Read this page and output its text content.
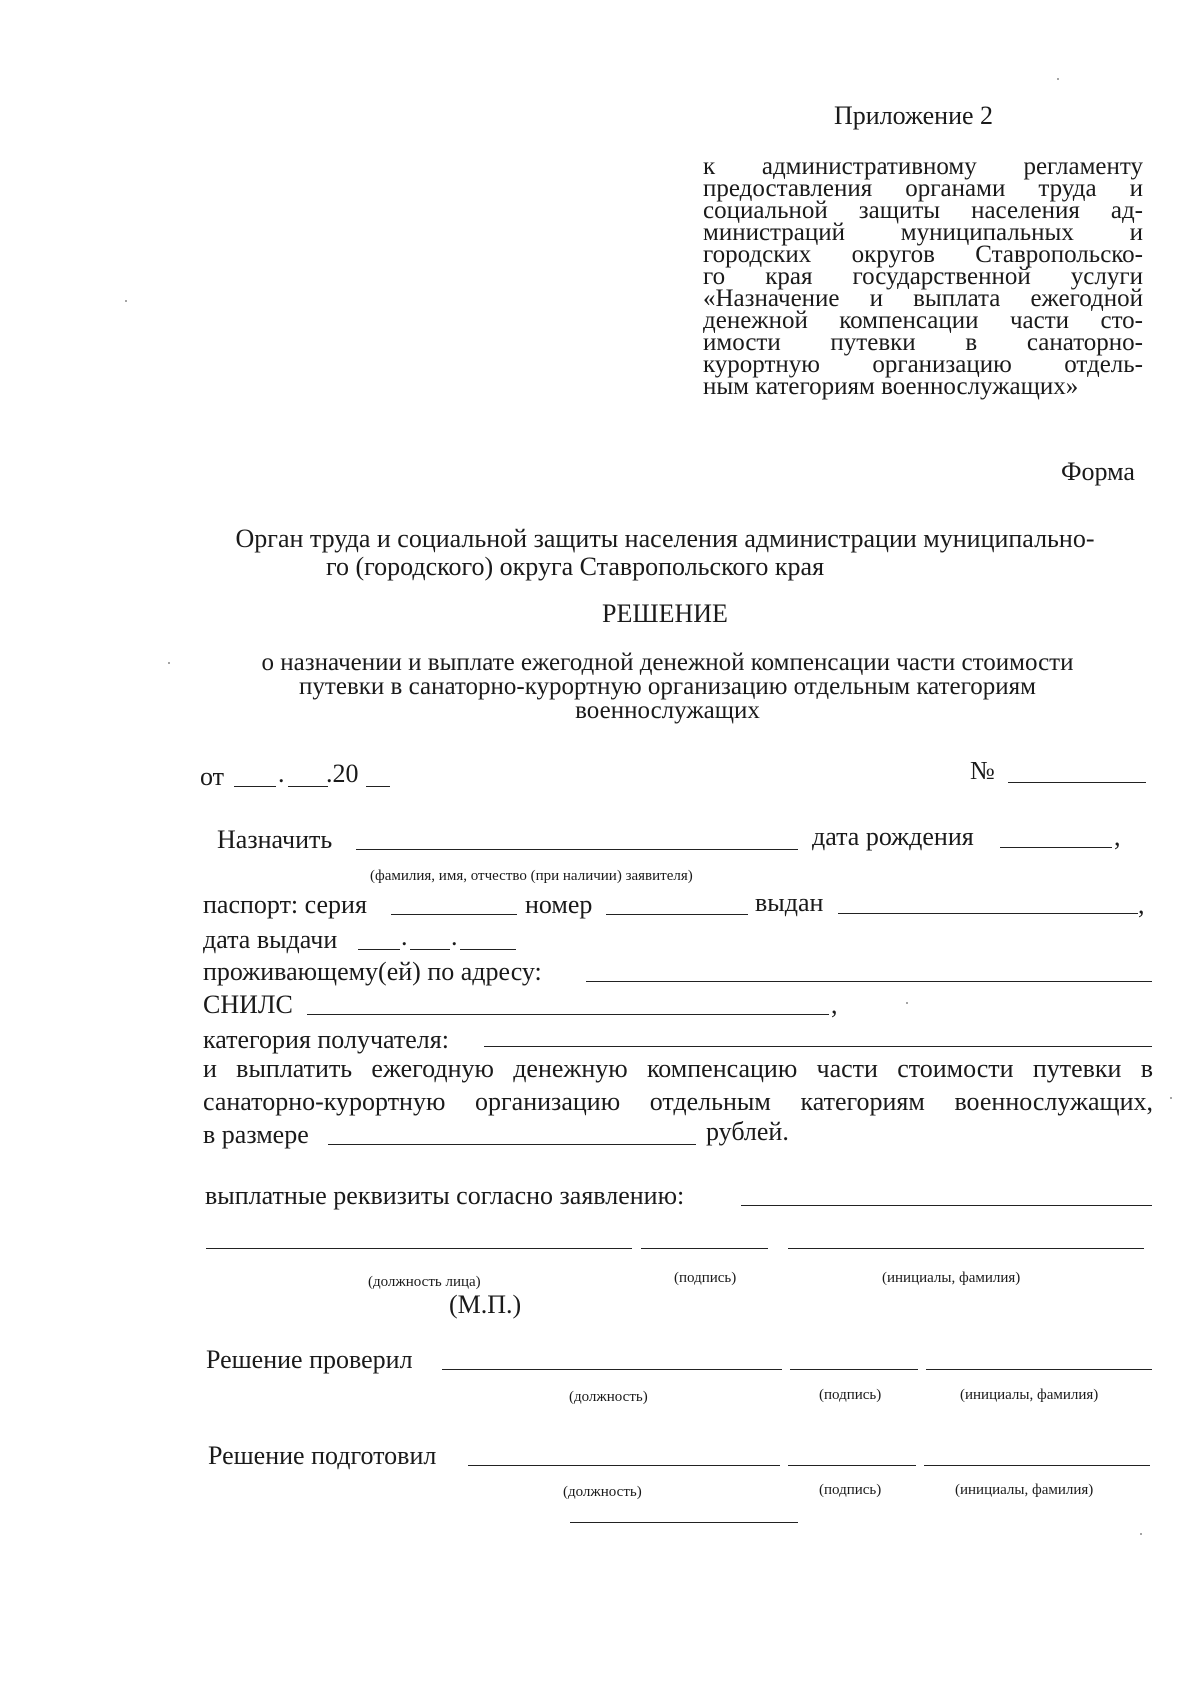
Приложение 2
к административному регламенту
предоставления органами труда и
социальной защиты населения ад-
министраций муниципальных и
городских округов Ставропольско-
го края государственной услуги
«Назначение и выплата ежегодной
денежной компенсации части сто-
имости путевки в санаторно-
курортную организацию отдель-
ным категориям военнослужащих»
Форма
Орган труда и социальной защиты населения администрации муниципально-
го (городского) округа Ставропольского края
РЕШЕНИЕ
о назначении и выплате ежегодной денежной компенсации части стоимости
путевки в санаторно-курортную организацию отдельным категориям
военнослужащих
от . .20	№
Назначить	дата рождения	,
(фамилия, имя, отчество (при наличии) заявителя)
паспорт: серия	номер	выдан	,
дата выдачи . .
проживающему(ей) по адресу:
СНИЛС	,
категория получателя:
и выплатить ежегодную денежную компенсацию части стоимости путевки в
санаторно-курортную организацию отдельным категориям военнослужащих,
в размере	рублей.
выплатные реквизиты согласно заявлению:
(должность лица)	(подпись)	(инициалы, фамилия)
(М.П.)
Решение проверил
(должность)	(подпись)	(инициалы, фамилия)
Решение подготовил
(должность)	(подпись)	(инициалы, фамилия)
